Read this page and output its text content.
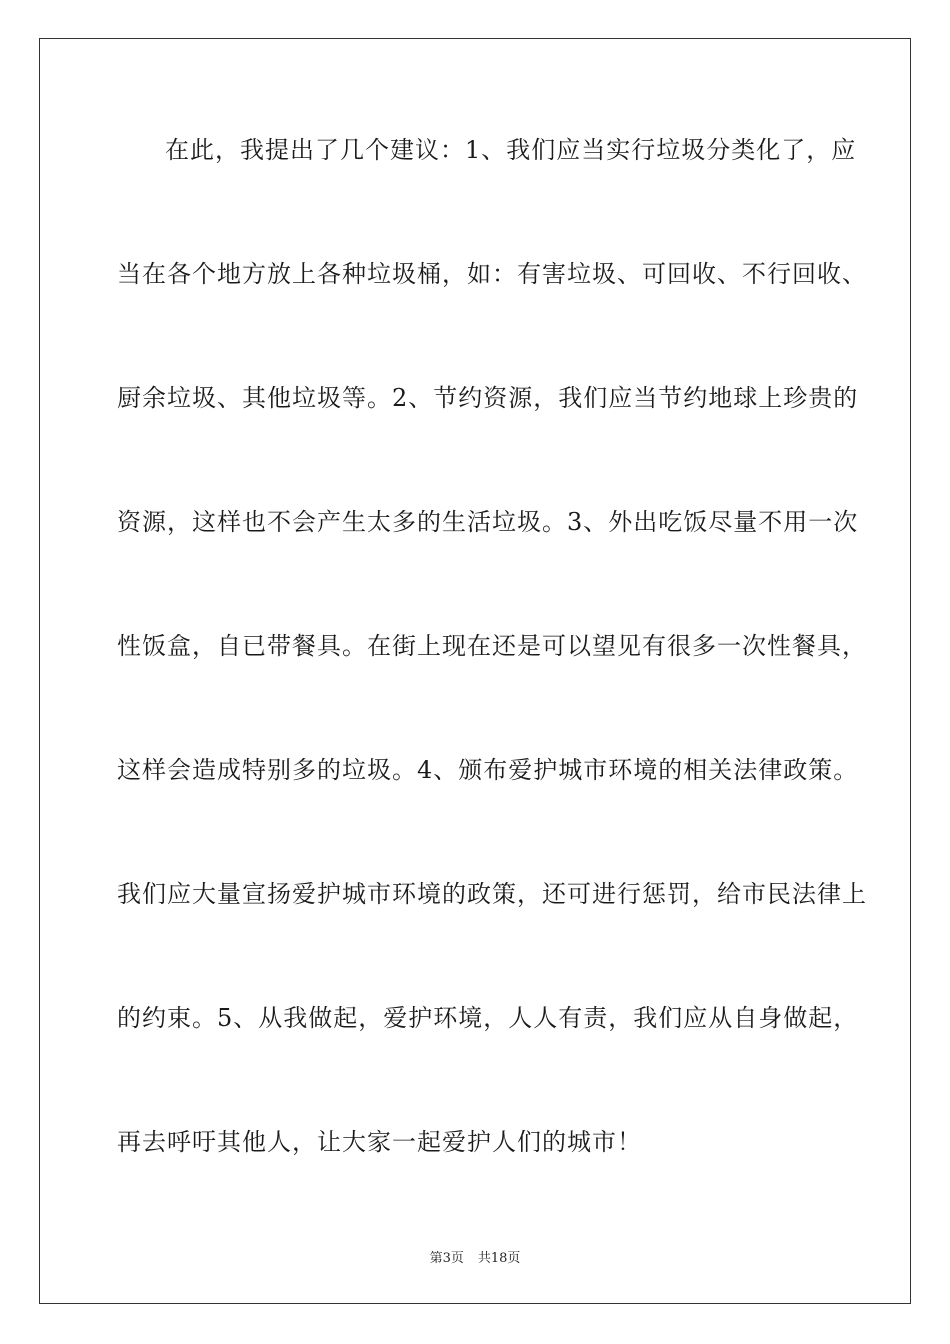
在此，我提出了几个建议：1、我们应当实行垃圾分类化了，应
当在各个地方放上各种垃圾桶，如：有害垃圾、可回收、不行回收、
厨余垃圾、其他垃圾等。2、节约资源，我们应当节约地球上珍贵的
资源，这样也不会产生太多的生活垃圾。3、外出吃饭尽量不用一次
性饭盒，自已带餐具。在街上现在还是可以望见有很多一次性餐具，
这样会造成特别多的垃圾。4、颁布爱护城市环境的相关法律政策。
我们应大量宣扬爱护城市环境的政策，还可进行惩罚，给市民法律上
的约束。5、从我做起，爱护环境，人人有责，我们应从自身做起，
再去呼吁其他人，让大家一起爱护人们的城市！
第3页 共18页
